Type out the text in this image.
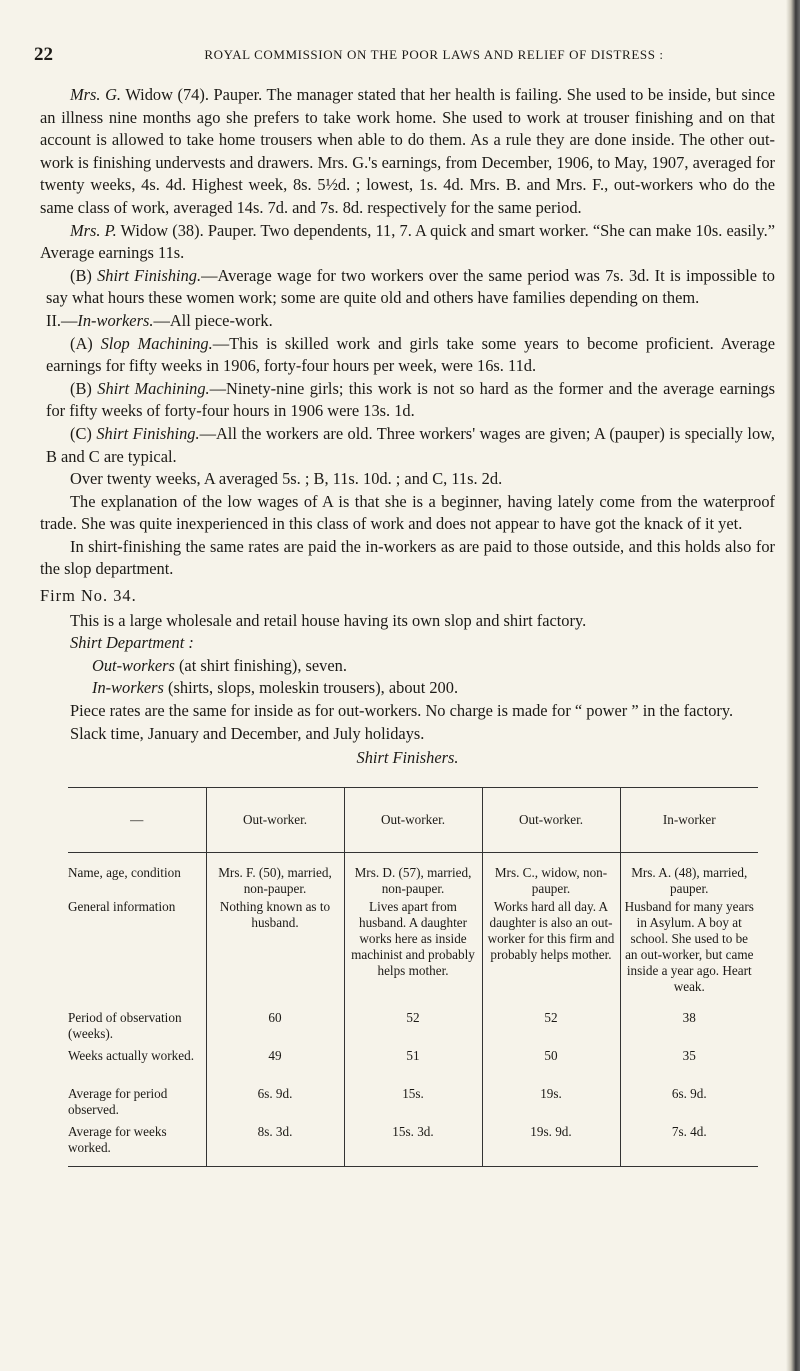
22	ROYAL COMMISSION ON THE POOR LAWS AND RELIEF OF DISTRESS :

Mrs. G. Widow (74). Pauper. The manager stated that her health is failing. She used to be inside, but since an illness nine months ago she prefers to take work home. She used to work at trouser finishing and on that account is allowed to take home trousers when able to do them. As a rule they are done inside. The other out-work is finishing undervests and drawers. Mrs. G.'s earnings, from December, 1906, to May, 1907, averaged for twenty weeks, 4s. 4d. Highest week, 8s. 5½d. ; lowest, 1s. 4d. Mrs. B. and Mrs. F., out-workers who do the same class of work, averaged 14s. 7d. and 7s. 8d. respectively for the same period.

Mrs. P. Widow (38). Pauper. Two dependents, 11, 7. A quick and smart worker. “She can make 10s. easily.” Average earnings 11s.

(B) Shirt Finishing.—Average wage for two workers over the same period was 7s. 3d. It is impossible to say what hours these women work; some are quite old and others have families depending on them.

II.—In-workers.—All piece-work.

(A) Slop Machining.—This is skilled work and girls take some years to become proficient. Average earnings for fifty weeks in 1906, forty-four hours per week, were 16s. 11d.

(B) Shirt Machining.—Ninety-nine girls; this work is not so hard as the former and the average earnings for fifty weeks of forty-four hours in 1906 were 13s. 1d.

(C) Shirt Finishing.—All the workers are old. Three workers' wages are given; A (pauper) is specially low, B and C are typical.

Over twenty weeks, A averaged 5s. ; B, 11s. 10d. ; and C, 11s. 2d.

The explanation of the low wages of A is that she is a beginner, having lately come from the waterproof trade. She was quite inexperienced in this class of work and does not appear to have got the knack of it yet.

In shirt-finishing the same rates are paid the in-workers as are paid to those outside, and this holds also for the slop department.

Firm No. 34.

This is a large wholesale and retail house having its own slop and shirt factory.

Shirt Department :

Out-workers (at shirt finishing), seven.

In-workers (shirts, slops, moleskin trousers), about 200.

Piece rates are the same for inside as for out-workers. No charge is made for “ power ” in the factory.

Slack time, January and December, and July holidays.

Shirt Finishers.

—	Out-worker.	Out-worker.	Out-worker.	In-worker
Name, age, condition	Mrs. F. (50), married, non-pauper.	Mrs. D. (57), married, non-pauper.	Mrs. C., widow, non-pauper.	Mrs. A. (48), married, pauper.
General information	Nothing known as to husband.	Lives apart from husband. A daughter works here as inside machinist and probably helps mother.	Works hard all day. A daughter is also an out-worker for this firm and probably helps mother.	Husband for many years in Asylum. A boy at school. She used to be an out-worker, but came inside a year ago. Heart weak.
Period of observation (weeks).	60	52	52	38
Weeks actually worked.	49	51	50	35
Average for period observed.	6s. 9d.	15s.	19s.	6s. 9d.
Average for weeks worked.	8s. 3d.	15s. 3d.	19s. 9d.	7s. 4d.
